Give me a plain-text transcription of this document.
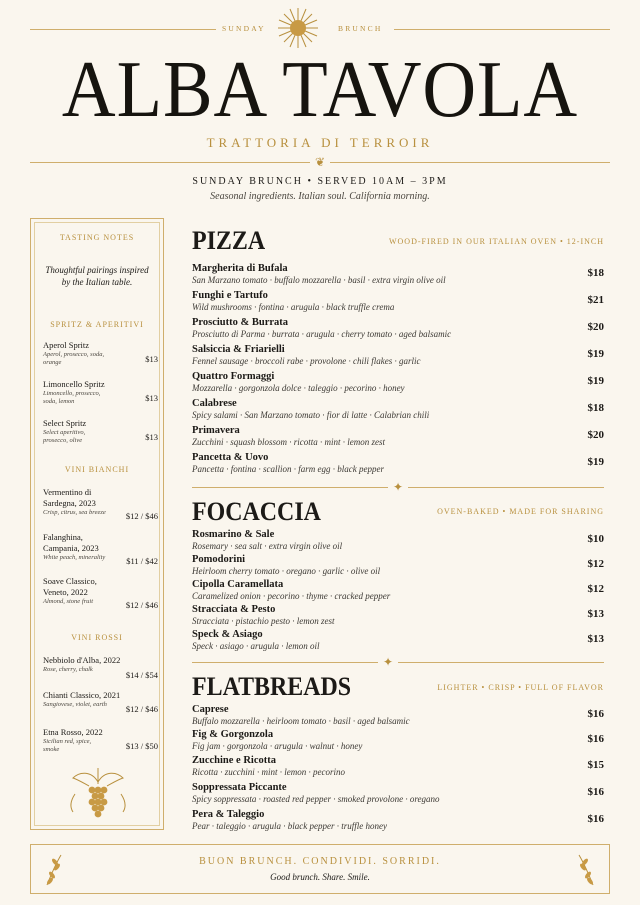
SUNDAY	BRUNCH
ALBA TAVOLA
TRATTORIA DI TERROIR
❦
SUNDAY BRUNCH • SERVED 10AM – 3PM
Seasonal ingredients. Italian soul. California morning.
TASTING NOTES
Thoughtful pairings inspired by the Italian table.
SPRITZ & APERITIVI
Aperol Spritz
Aperol, prosecco, soda, orange	$13
Limoncello Spritz
Limoncello, prosecco, soda, lemon	$13
Select Spritz
Select aperitivo, prosecco, olive	$13
VINI BIANCHI
Vermentino di Sardegna, 2023
Crisp, citrus, sea breeze	$12 / $46
Falanghina, Campania, 2023
White peach, minerality	$11 / $42
Soave Classico, Veneto, 2022
Almond, stone fruit	$12 / $46
VINI ROSSI
Nebbiolo d'Alba, 2022
Rose, cherry, chalk
$14 / $54
Chianti Classico, 2021
Sangiovese, violet, earth	$12 / $46
Etna Rosso, 2022
Sicilian red, spice, smoke	$13 / $50
PIZZA	WOOD-FIRED IN OUR ITALIAN OVEN • 12-INCH
Margherita di Bufala
San Marzano tomato · buffalo mozzarella · basil · extra virgin olive oil
$18
Funghi e Tartufo
Wild mushrooms · fontina · arugula · black truffle crema
$21
Prosciutto & Burrata
Prosciutto di Parma · burrata · arugula · cherry tomato · aged balsamic
$20
Salsiccia & Friarielli
Fennel sausage · broccoli rabe · provolone · chili flakes · garlic
$19
Quattro Formaggi
Mozzarella · gorgonzola dolce · taleggio · pecorino · honey
$19
Calabrese
Spicy salami · San Marzano tomato · fior di latte · Calabrian chili
$18
Primavera
Zucchini · squash blossom · ricotta · mint · lemon zest
$20
Pancetta & Uovo
Pancetta · fontina · scallion · farm egg · black pepper
$19
✦
FOCACCIA	OVEN-BAKED • MADE FOR SHARING
Rosmarino & Sale
Rosemary · sea salt · extra virgin olive oil
$10
Pomodorini
Heirloom cherry tomato · oregano · garlic · olive oil
$12
Cipolla Caramellata
Caramelized onion · pecorino · thyme · cracked pepper
$12
Stracciata & Pesto
Stracciata · pistachio pesto · lemon zest
$13
Speck & Asiago
Speck · asiago · arugula · lemon oil
$13
✦
FLATBREADS	LIGHTER • CRISP • FULL OF FLAVOR
Caprese
Buffalo mozzarella · heirloom tomato · basil · aged balsamic
$16
Fig & Gorgonzola
Fig jam · gorgonzola · arugula · walnut · honey
$16
Zucchine e Ricotta
Ricotta · zucchini · mint · lemon · pecorino
$15
Soppressata Piccante
Spicy soppressata · roasted red pepper · smoked provolone · oregano
$16
Pera & Taleggio
Pear · taleggio · arugula · black pepper · truffle honey
$16
BUON BRUNCH. CONDIVIDI. SORRIDI.
Good brunch. Share. Smile.
